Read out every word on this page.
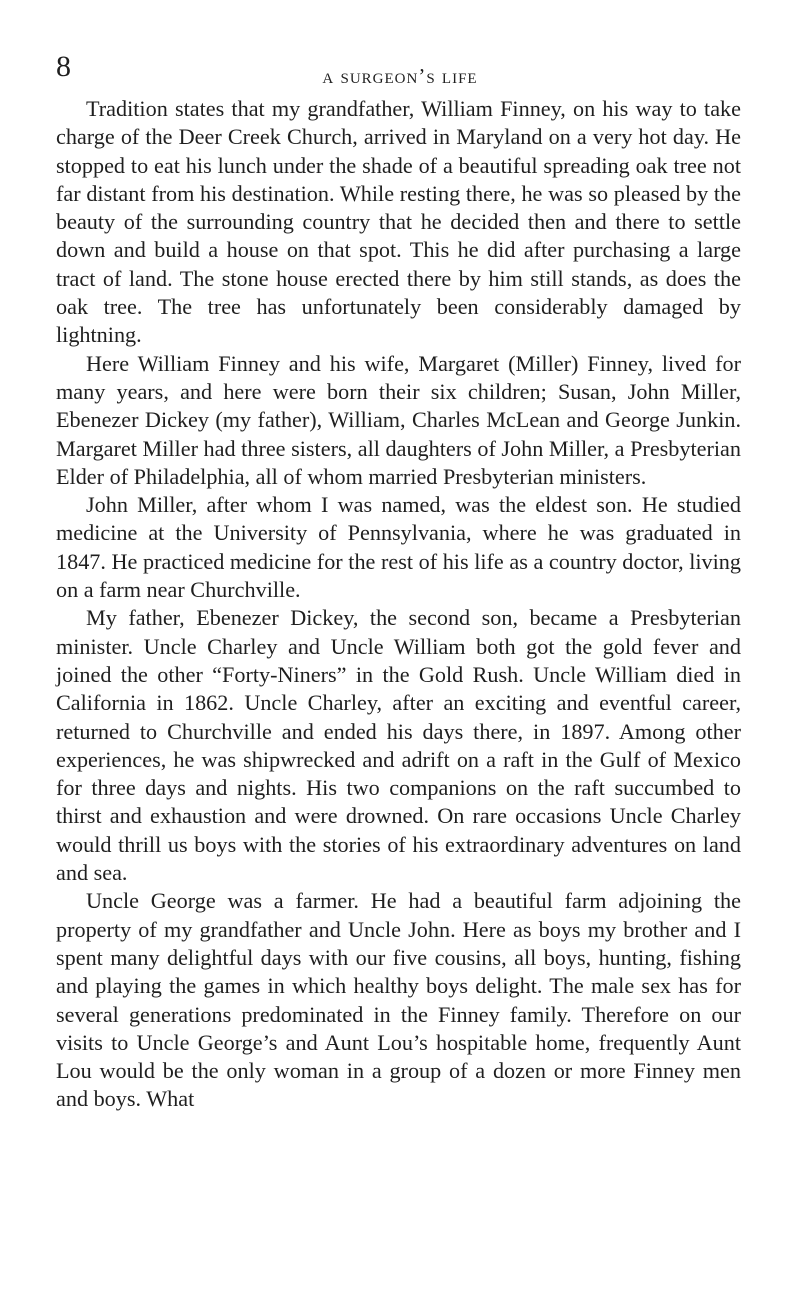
8	a surgeon’s life

Tradition states that my grandfather, William Finney, on his way to take charge of the Deer Creek Church, arrived in Maryland on a very hot day. He stopped to eat his lunch under the shade of a beautiful spreading oak tree not far distant from his destination. While resting there, he was so pleased by the beauty of the surrounding country that he decided then and there to settle down and build a house on that spot. This he did after purchasing a large tract of land. The stone house erected there by him still stands, as does the oak tree. The tree has unfortunately been considerably damaged by lightning.

Here William Finney and his wife, Margaret (Miller) Finney, lived for many years, and here were born their six children; Susan, John Miller, Ebenezer Dickey (my father), William, Charles McLean and George Junkin. Margaret Miller had three sisters, all daughters of John Miller, a Presbyterian Elder of Philadelphia, all of whom married Presbyterian ministers.

John Miller, after whom I was named, was the eldest son. He studied medicine at the University of Pennsylvania, where he was graduated in 1847. He practiced medicine for the rest of his life as a country doctor, living on a farm near Churchville.

My father, Ebenezer Dickey, the second son, became a Presbyterian minister. Uncle Charley and Uncle William both got the gold fever and joined the other “Forty-Niners” in the Gold Rush. Uncle William died in California in 1862. Uncle Charley, after an exciting and eventful career, returned to Churchville and ended his days there, in 1897. Among other experiences, he was shipwrecked and adrift on a raft in the Gulf of Mexico for three days and nights. His two companions on the raft succumbed to thirst and exhaustion and were drowned. On rare occasions Uncle Charley would thrill us boys with the stories of his extraordinary adventures on land and sea.

Uncle George was a farmer. He had a beautiful farm adjoining the property of my grandfather and Uncle John. Here as boys my brother and I spent many delightful days with our five cousins, all boys, hunting, fishing and playing the games in which healthy boys delight. The male sex has for several generations predominated in the Finney family. Therefore on our visits to Uncle George’s and Aunt Lou’s hospitable home, frequently Aunt Lou would be the only woman in a group of a dozen or more Finney men and boys. What
